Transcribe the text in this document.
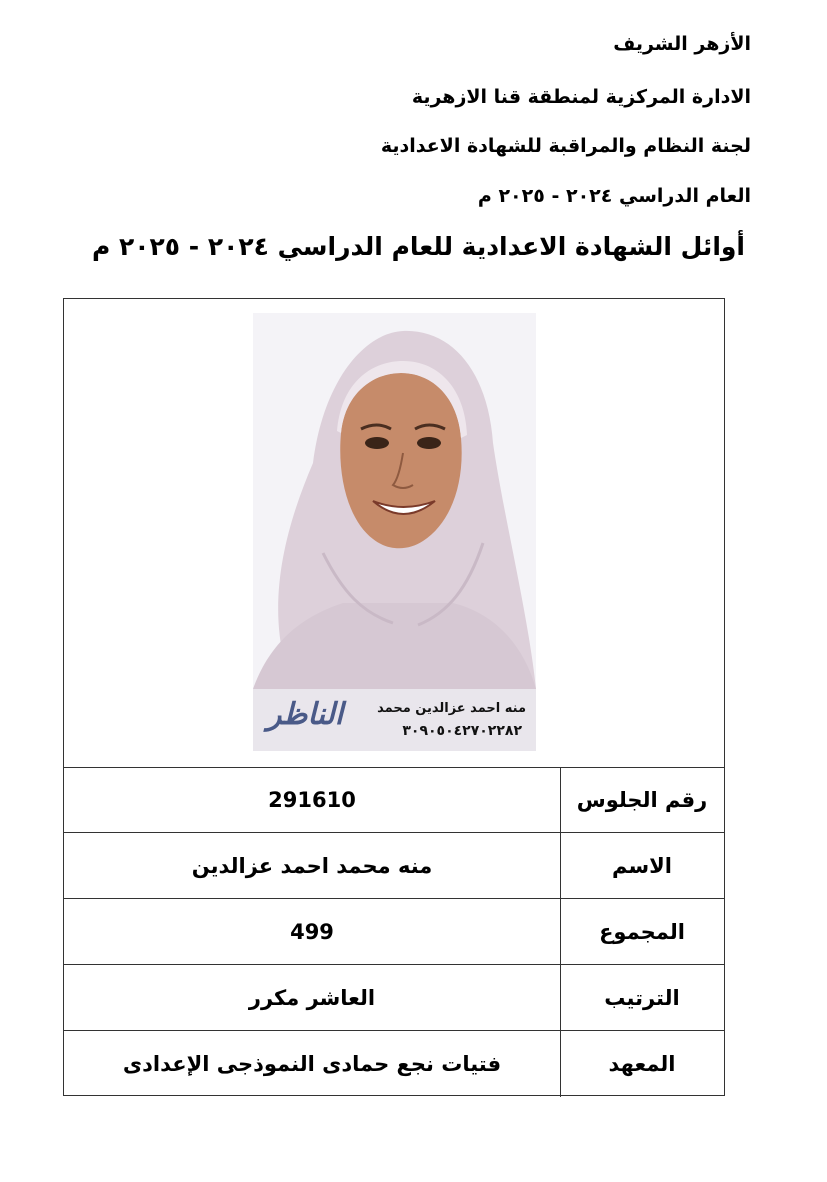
الأزهر الشريف
الادارة المركزية لمنطقة قنا الازهرية
لجنة النظام والمراقبة للشهادة الاعدادية
العام الدراسي ٢٠٢٤ - ٢٠٢٥ م
أوائل الشهادة الاعدادية للعام الدراسي ٢٠٢٤ - ٢٠٢٥ م
الناظر	منه احمد عزالدين محمد
٣٠٩٠٥٠٤٢٧٠٢٢٨٢
رقم الجلوس
291610
الاسم
منه محمد احمد عزالدين
المجموع
499
الترتيب
العاشر مكرر
المعهد
فتيات نجع حمادى النموذجى الإعدادى
